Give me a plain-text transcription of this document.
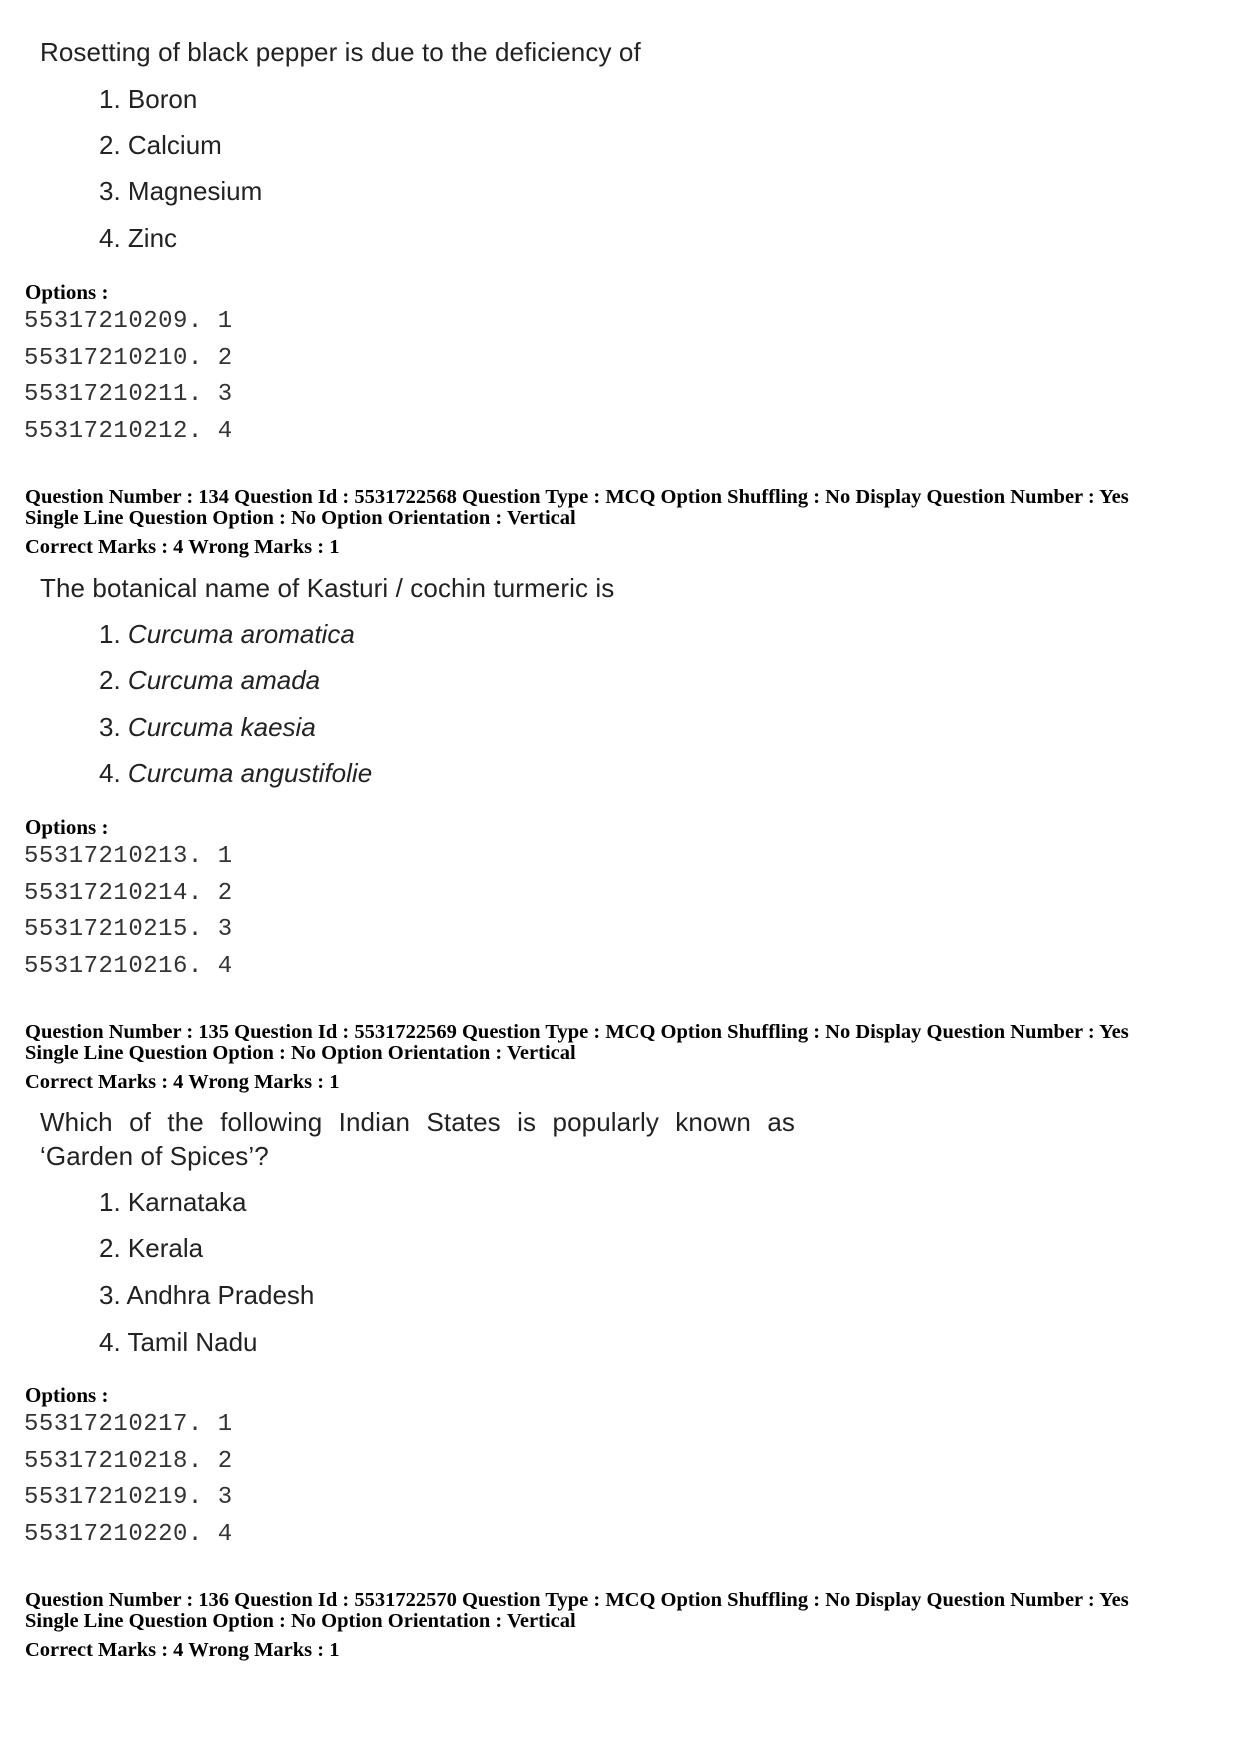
Rosetting of black pepper is due to the deficiency of
1. Boron
2. Calcium
3. Magnesium
4. Zinc
Options :
55317210209. 1
55317210210. 2
55317210211. 3
55317210212. 4
Question Number : 134 Question Id : 5531722568 Question Type : MCQ Option Shuffling : No Display Question Number : Yes
Single Line Question Option : No Option Orientation : Vertical
Correct Marks : 4 Wrong Marks : 1
The botanical name of Kasturi / cochin turmeric is
1. Curcuma aromatica
2. Curcuma amada
3. Curcuma kaesia
4. Curcuma angustifolie
Options :
55317210213. 1
55317210214. 2
55317210215. 3
55317210216. 4
Question Number : 135 Question Id : 5531722569 Question Type : MCQ Option Shuffling : No Display Question Number : Yes
Single Line Question Option : No Option Orientation : Vertical
Correct Marks : 4 Wrong Marks : 1
Which of the following Indian States is popularly known as
‘Garden of Spices’?
1. Karnataka
2. Kerala
3. Andhra Pradesh
4. Tamil Nadu
Options :
55317210217. 1
55317210218. 2
55317210219. 3
55317210220. 4
Question Number : 136 Question Id : 5531722570 Question Type : MCQ Option Shuffling : No Display Question Number : Yes
Single Line Question Option : No Option Orientation : Vertical
Correct Marks : 4 Wrong Marks : 1
